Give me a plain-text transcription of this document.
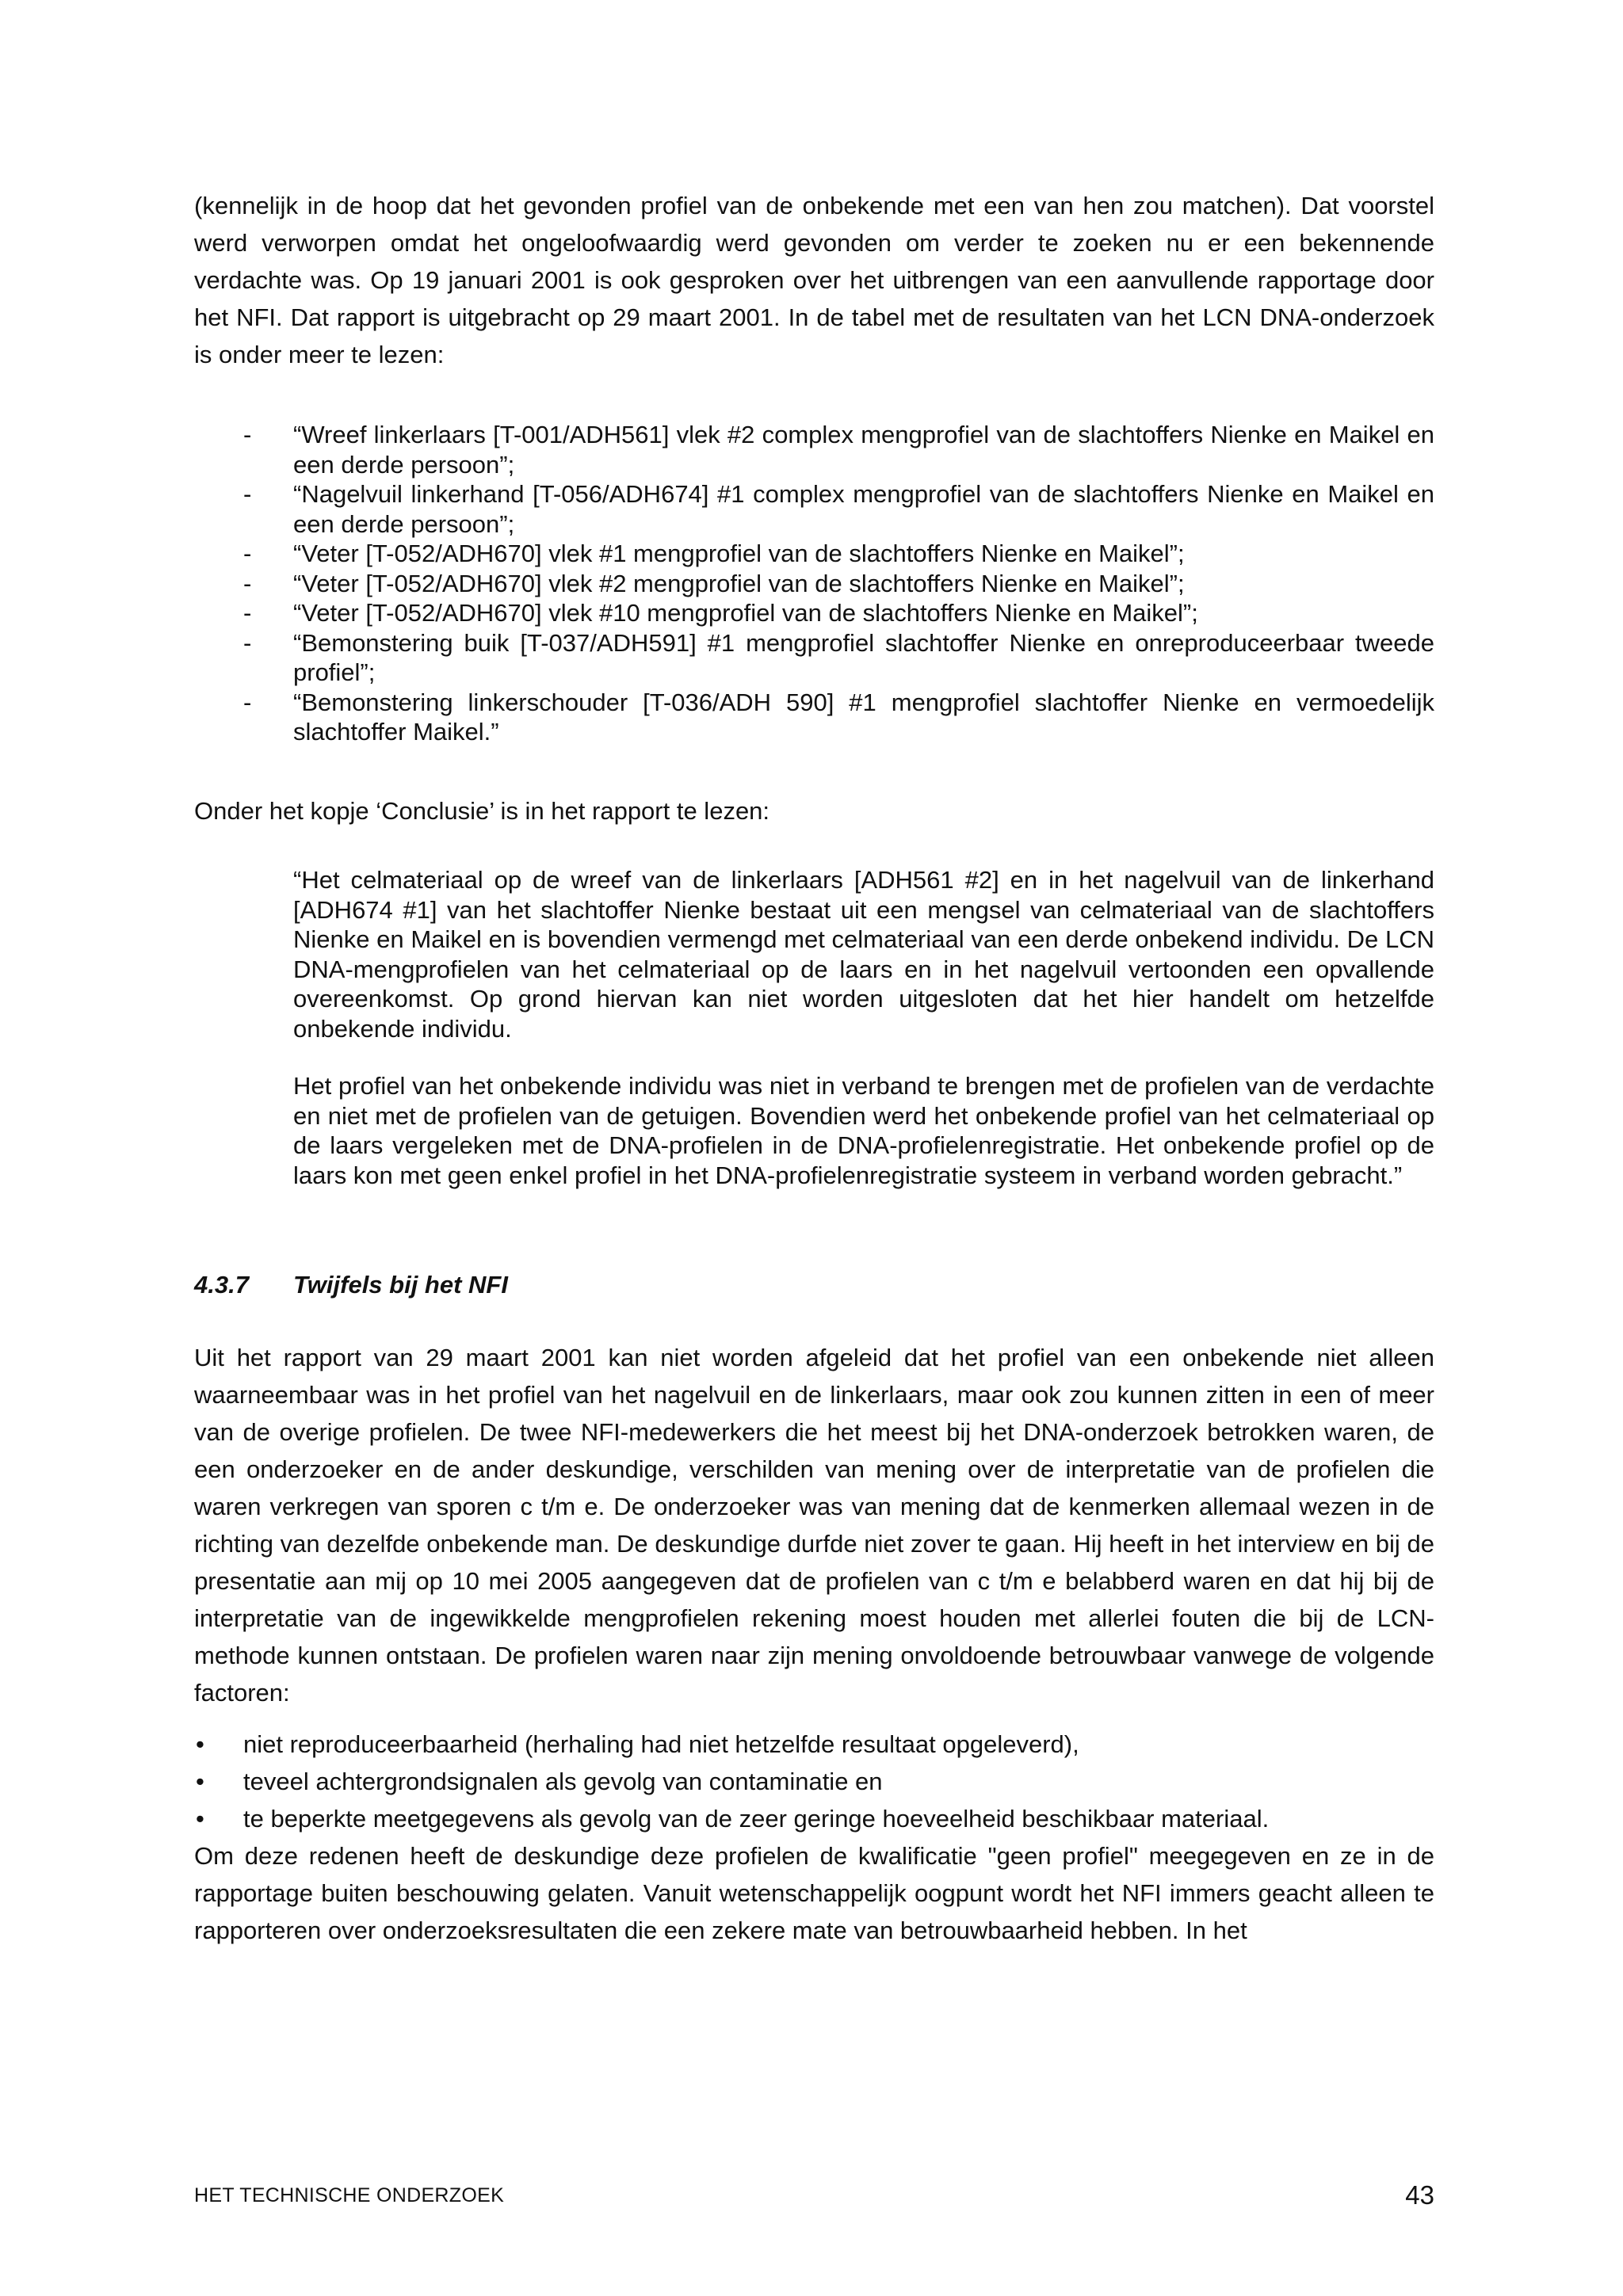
(kennelijk in de hoop dat het gevonden profiel van de onbekende met een van hen zou matchen). Dat voorstel werd verworpen omdat het ongeloofwaardig werd gevonden om verder te zoeken nu er een bekennende verdachte was. Op 19 januari 2001 is ook gesproken over het uitbrengen van een aanvullende rapportage door het NFI. Dat rapport is uitgebracht op 29 maart 2001. In de tabel met de resultaten van het LCN DNA-onderzoek is onder meer te lezen:

- “Wreef linkerlaars [T-001/ADH561] vlek #2 complex mengprofiel van de slachtoffers Nienke en Maikel en een derde persoon”;
- “Nagelvuil linkerhand [T-056/ADH674] #1 complex mengprofiel van de slachtoffers Nienke en Maikel en een derde persoon”;
- “Veter [T-052/ADH670] vlek #1 mengprofiel van de slachtoffers Nienke en Maikel”;
- “Veter [T-052/ADH670] vlek #2 mengprofiel van de slachtoffers Nienke en Maikel”;
- “Veter [T-052/ADH670] vlek #10 mengprofiel van de slachtoffers Nienke en Maikel”;
- “Bemonstering buik [T-037/ADH591] #1 mengprofiel slachtoffer Nienke en onreproduceerbaar tweede profiel”;
- “Bemonstering linkerschouder [T-036/ADH 590] #1 mengprofiel slachtoffer Nienke en vermoedelijk slachtoffer Maikel.”

Onder het kopje ‘Conclusie’ is in het rapport te lezen:

“Het celmateriaal op de wreef van de linkerlaars [ADH561 #2] en in het nagelvuil van de linkerhand [ADH674 #1] van het slachtoffer Nienke bestaat uit een mengsel van celmateriaal van de slachtoffers Nienke en Maikel en is bovendien vermengd met celmateriaal van een derde onbekend individu. De LCN DNA-mengprofielen van het celmateriaal op de laars en in het nagelvuil vertoonden een opvallende overeenkomst. Op grond hiervan kan niet worden uitgesloten dat het hier handelt om hetzelfde onbekende individu.

Het profiel van het onbekende individu was niet in verband te brengen met de profielen van de verdachte en niet met de profielen van de getuigen. Bovendien werd het onbekende profiel van het celmateriaal op de laars vergeleken met de DNA-profielen in de DNA-profielenregistratie. Het onbekende profiel op de laars kon met geen enkel profiel in het DNA-profielenregistratie systeem in verband worden gebracht.”

4.3.7 Twijfels bij het NFI

Uit het rapport van 29 maart 2001 kan niet worden afgeleid dat het profiel van een onbekende niet alleen waarneembaar was in het profiel van het nagelvuil en de linkerlaars, maar ook zou kunnen zitten in een of meer van de overige profielen. De twee NFI-medewerkers die het meest bij het DNA-onderzoek betrokken waren, de een onderzoeker en de ander deskundige, verschilden van mening over de interpretatie van de profielen die waren verkregen van sporen c t/m e. De onderzoeker was van mening dat de kenmerken allemaal wezen in de richting van dezelfde onbekende man. De deskundige durfde niet zover te gaan. Hij heeft in het interview en bij de presentatie aan mij op 10 mei 2005 aangegeven dat de profielen van c t/m e belabberd waren en dat hij bij de interpretatie van de ingewikkelde mengprofielen rekening moest houden met allerlei fouten die bij de LCN-methode kunnen ontstaan. De profielen waren naar zijn mening onvoldoende betrouwbaar vanwege de volgende factoren:

• niet reproduceerbaarheid (herhaling had niet hetzelfde resultaat opgeleverd),
• teveel achtergrondsignalen als gevolg van contaminatie en
• te beperkte meetgegevens als gevolg van de zeer geringe hoeveelheid beschikbaar materiaal.

Om deze redenen heeft de deskundige deze profielen de kwalificatie "geen profiel" meegegeven en ze in de rapportage buiten beschouwing gelaten. Vanuit wetenschappelijk oogpunt wordt het NFI immers geacht alleen te rapporteren over onderzoeksresultaten die een zekere mate van betrouwbaarheid hebben. In het

HET TECHNISCHE ONDERZOEK	43
